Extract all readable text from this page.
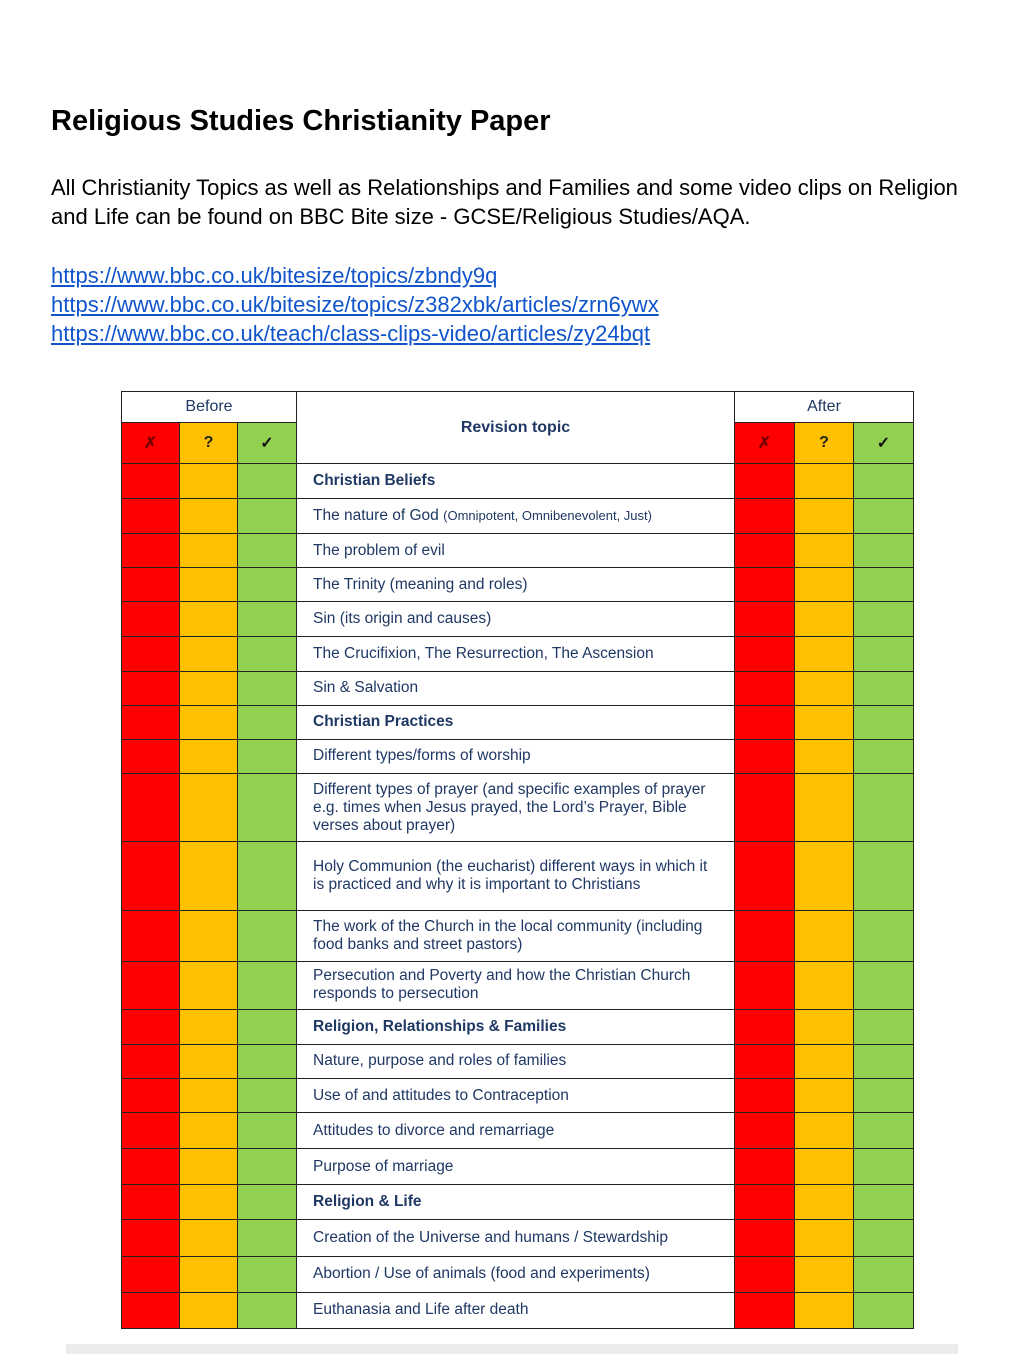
Religious Studies Christianity Paper

All Christianity Topics as well as Relationships and Families and some video clips on Religion and Life can be found on BBC Bite size - GCSE/Religious Studies/AQA.

https://www.bbc.co.uk/bitesize/topics/zbndy9q
https://www.bbc.co.uk/bitesize/topics/z382xbk/articles/zrn6ywx
https://www.bbc.co.uk/teach/class-clips-video/articles/zy24bqt
Before			Revision topic	After		
✗	?	✓		✗	?	✓
			Christian Beliefs			
			The nature of God (Omnipotent, Omnibenevolent, Just)			
			The problem of evil			
			The Trinity (meaning and roles)			
			Sin (its origin and causes)			
			The Crucifixion, The Resurrection, The Ascension			
			Sin & Salvation			
			Christian Practices			
			Different types/forms of worship			
			Different types of prayer (and specific examples of prayer e.g. times when Jesus prayed, the Lord’s Prayer, Bible verses about prayer)			
			Holy Communion (the eucharist) different ways in which it is practiced and why it is important to Christians			
			The work of the Church in the local community (including food banks and street pastors)			
			Persecution and Poverty and how the Christian Church responds to persecution			
			Religion, Relationships & Families			
			Nature, purpose and roles of families			
			Use of and attitudes to Contraception			
			Attitudes to divorce and remarriage			
			Purpose of marriage			
			Religion & Life			
			Creation of the Universe and humans / Stewardship			
			Abortion / Use of animals (food and experiments)			
			Euthanasia and Life after death			
